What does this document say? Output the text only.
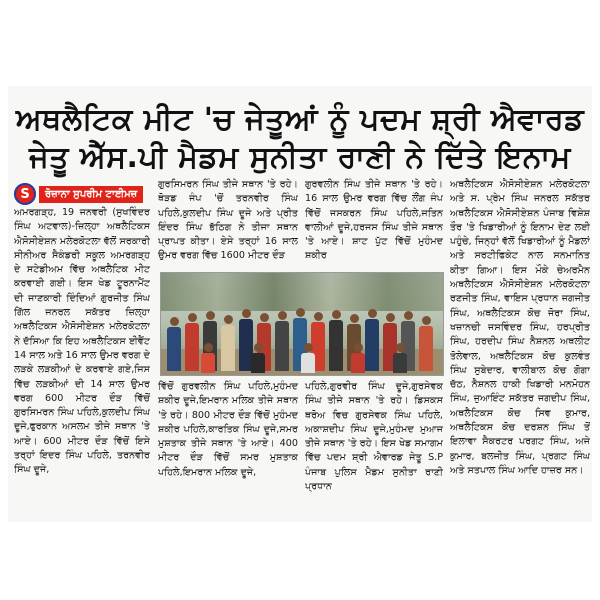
ਅਥਲੈਟਿਕ ਮੀਟ 'ਚ ਜੇਤੂਆਂ ਨੂੰ ਪਦਮ ਸ਼੍ਰੀ ਐਵਾਰਡ
ਜੇਤੂ ਐੱਸ.ਪੀ ਮੈਡਮ ਸੁਨੀਤਾ ਰਾਣੀ ਨੇ ਦਿੱਤੇ ਇਨਾਮ
S	ਰੋਜ਼ਾਨਾ ਸੁਪਰੀਮ ਟਾਈਮਜ਼

ਅਮਰਗੜ੍ਹ, 19 ਜਨਵਰੀ (ਸੁਖਵਿੰਦਰ ਸਿੰਘ ਅਟਵਾਲ)-ਜ਼ਿਲ੍ਹਾ ਅਥਲੈਟਿਕਸ ਐਸੋਸੀਏਸ਼ਨ ਮਲੇਰਕੋਟਲਾ ਵੱਲੋਂ ਸਰਕਾਰੀ ਸੀਨੀਅਰ ਸੈਕੰਡਰੀ ਸਕੂਲ ਅਮਰਗੜ੍ਹ ਦੇ ਸਟੇਡੀਅਮ ਵਿੱਚ ਅਥਲੈਟਿਕ ਮੀਟ ਕਰਵਾਈ ਗਈ। ਇਸ ਖੇਡ ਟੂਰਨਾਮੈਂਟ ਦੀ ਜਾਣਕਾਰੀ ਦਿੰਦਿਆਂ ਗੁਰਜੀਤ ਸਿੰਘ ਗਿੱਲ ਜਨਰਲ ਸਕੱਤਰ ਜ਼ਿਲ੍ਹਾ ਅਥਲੈਟਿਕਸ ਐਸੋਸੀਏਸ਼ਨ ਮਲੇਰਕੋਟਲਾ ਨੇ ਦੱਸਿਆ ਕਿ ਇਹ ਅਥਲੈਟਿਕਸ ਈਵੈਂਟ 14 ਸਾਲ ਅਤੇ 16 ਸਾਲ ਉਮਰ ਵਰਗ ਦੇ ਲੜਕੇ ਲੜਕੀਆਂ ਦੇ ਕਰਵਾਏ ਗਏ,ਜਿਸ ਵਿੱਚ ਲੜਕੀਆਂ ਦੀ 14 ਸਾਲ ਉਮਰ ਵਰਗ 600 ਮੀਟਰ ਦੌੜ ਵਿੱਚੋਂ ਗੁਰਸਿਮਰਨ ਸਿੰਘ ਪਹਿਲੇ,ਕੁਲਦੀਪ ਸਿੰਘ ਦੂਜੇ,ਫੁਰਕਾਨ ਅਸਲਮ ਤੀਜੇ ਸਥਾਨ 'ਤੇ ਆਏ। 600 ਮੀਟਰ ਦੌੜ ਵਿੱਚੋਂ ਇਸੇ ਤਰ੍ਹਾਂ ਇਦਰ ਸਿੰਘ ਪਹਿਲੇ, ਤਰਨਵੀਰ ਸਿੰਘ ਦੂਜੇ,

ਗੁਰਸਿਮਰਨ ਸਿੰਘ ਤੀਜੇ ਸਥਾਨ 'ਤੇ ਰਹੇ। ਥੋੜਡ ਜੰਪ 'ਚੋਂ ਤਰਨਵੀਰ ਸਿੰਘ ਪਹਿਲੇ,ਕੁਲਦੀਪ ਸਿੰਘ ਦੂਜੇ ਅਤੇ ਪ੍ਰੀਤ ਇੰਦਰ ਸਿੰਘ ਭੱਠਿਗ ਨੇ ਤੀਜਾ ਸਥਾਨ ਪ੍ਰਾਪਤ ਕੀਤਾ। ਏਸੇ ਤਰ੍ਹਾਂ 16 ਸਾਲ ਉਮਰ ਵਰਗ ਵਿੱਚ 1600 ਮੀਟਰ ਦੌੜ

ਗੁਰਵਲੀਨ ਸਿੰਘ ਤੀਜੇ ਸਥਾਨ 'ਤੇ ਰਹੇ। 16 ਸਾਲ ਉਮਰ ਵਰਗ ਵਿੱਚ ਲੌਂਗ ਜੰਪ ਵਿੱਚੋਂ ਜਸਕਰਨ ਸਿੰਘ ਪਹਿਲੇ,ਜਤਿਨ ਵਾਲੀਆਂ ਦੂਜੇ,ਹਰਜਸ ਸਿੰਘ ਤੀਜੇ ਸਥਾਨ 'ਤੇ ਆਏ। ਸ਼ਾਟ ਪੁੱਟ ਵਿੱਚੋਂ ਮੁਹੰਮਦ ਸ਼ਕੀਰ

ਅਥਲੈਟਿਕਸ ਐਸੋਸੀਏਸ਼ਨ ਮਲੇਰਕੋਟਲਾ ਅਤੇ ਸ. ਪ੍ਰੇਮ ਸਿੰਘ ਜਨਰਲ ਸਕੱਤਰ ਅਥਲੈਟਿਕਸ ਐਸੋਸੀਏਸ਼ਨ ਪੰਜਾਬ ਵਿਸ਼ੇਸ਼ ਤੌਰ 'ਤੇ ਖਿਡਾਰੀਆਂ ਨੂੰ ਇਨਾਮ ਦੇਣ ਲਈ ਪਹੁੰਚੇ, ਜਿਨ੍ਹਾਂ ਵੱਲੋਂ ਖਿਡਾਰੀਆਂ ਨੂੰ ਮੈਡਲਾਂ ਅਤੇ ਸਰਟੀਫਿਕੇਟ ਨਾਲ ਸਨਮਾਨਿਤ ਕੀਤਾ ਗਿਆ। ਇਸ ਮੌਕੇ ਚੇਅਰਮੈਨ ਅਥਲੈਟਿਕਸ ਐਸੋਸੀਏਸ਼ਨ ਮਲੇਰਕੋਟਲਾ ਰਣਜੀਤ ਸਿੰਘ, ਵਾਇਸ ਪ੍ਰਧਾਨ ਜਗਜੀਤ ਸਿੰਘ, ਅਥਲੈਟਿਕਸ ਕੋਚ ਜੋਰਾ ਸਿੰਘ, ਖਜ਼ਾਨਚੀ ਜਸਵਿੰਦਰ ਸਿੰਘ, ਹਰਪ੍ਰੀਤ ਸਿੰਘ, ਹਰਦੀਪ ਸਿੰਘ ਨੈਸ਼ਨਲ ਅਥਲੀਟ ਤੋਲੇਵਾਲ, ਅਥਲੈਟਿਕਸ ਕੋਚ ਕੁਲਵੰਤ ਸਿੰਘ ਸੁਬੇਦਾਰ, ਵਾਲੀਬਾਲ ਕੋਚ ਗੋਗਾ ਚੱਠ, ਨੈਸ਼ਨਲ ਹਾਕੀ ਖਿਡਾਰੀ ਮਨਮੋਹਨ ਸਿੰਘ, ਜੁਆਇੰਟ ਸਕੱਤਰ ਜਗਦੀਪ ਸਿੰਘ, ਅਥਲੈਟਿਕਸ ਕੋਚ ਸਿਵ ਕੁਮਾਰ, ਅਥਲੈਟਿਕਸ ਕੋਚ ਦਰਸ਼ਨ ਸਿੰਘ ਤੋਂ ਇਲਾਵਾ ਸੈਕਰਟਰ ਪਰਗਟ ਸਿੰਘ, ਅਜੇ ਕੁਮਾਰ, ਬਲਜੀਤ ਸਿੰਘ, ਪ੍ਰਗਟ ਸਿੰਘ ਅਤੇ ਸਤਪਾਲ ਸਿੰਘ ਆਦਿ ਹਾਜ਼ਰ ਸਨ।

ਵਿੱਚੋਂ ਗੁਰਵਲੀਨ ਸਿੰਘ ਪਹਿਲੇ,ਮੁਹੰਮਦ ਸ਼ਕੀਰ ਦੂਜੇ,ਇਮਰਾਨ ਮਲਿਕ ਤੀਜੇ ਸਥਾਨ 'ਤੇ ਰਹੇ। 800 ਮੀਟਰ ਦੌੜ ਵਿੱਚੋਂ ਮੁਹੰਮਦ ਸ਼ਕੀਰ ਪਹਿਲੇ,ਕਾਰਤਿਕ ਸਿੰਘ ਦੂਜੇ,ਸਮਰ ਮੁਸ਼ਤਾਕ ਤੀਜੇ ਸਥਾਨ 'ਤੇ ਆਏ। 400 ਮੀਟਰ ਦੌੜ ਵਿੱਚੋਂ ਸਮਰ ਮੁਸ਼ਤਾਕ ਪਹਿਲੇ,ਇਮਰਾਨ ਮਲਿਕ ਦੂਜੇ,

ਪਹਿਲੇ,ਗੁਰਵੀਰ ਸਿੰਘ ਦੂਜੇ,ਗੁਰਸੇਵਕ ਸਿੰਘ ਤੀਜੇ ਸਥਾਨ 'ਤੇ ਰਹੇ। ਡਿਸਕਸ ਥਰੋਅ ਵਿਚ ਗੁਰਸੇਵਕ ਸਿੰਘ ਪਹਿਲੇ, ਅਕਾਸ਼ਦੀਪ ਸਿੰਘ ਦੂਜੇ,ਮੁਹੰਮਦ ਮੁਆਜ ਤੀਜੇ ਸਥਾਨ 'ਤੇ ਰਹੇ। ਇਸ ਖੇਡ ਸਮਾਗਮ ਵਿੱਚ ਪਦਮ ਸ਼੍ਰੀ ਐਵਾਰਡ ਜੇਤੂ S.P ਪੰਜਾਬ ਪੁਲਿਸ ਮੈਡਮ ਸੁਨੀਤਾ ਰਾਣੀ ਪ੍ਰਧਾਨ
